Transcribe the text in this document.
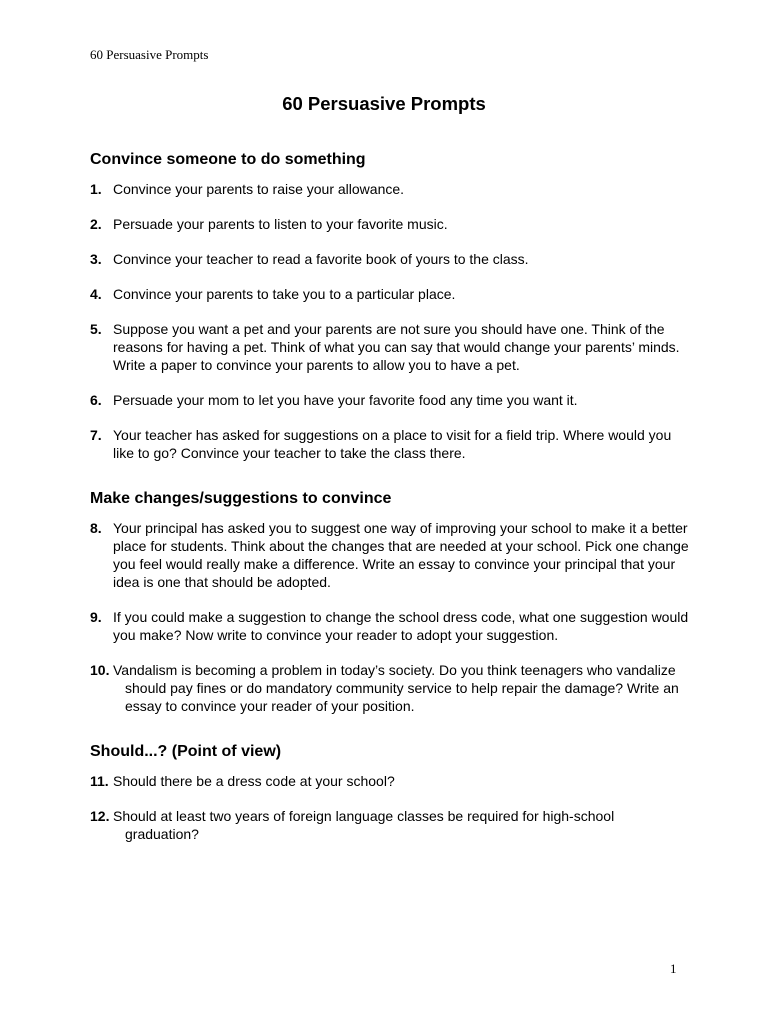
60 Persuasive Prompts
60 Persuasive Prompts
Convince someone to do something
1. Convince your parents to raise your allowance.
2. Persuade your parents to listen to your favorite music.
3. Convince your teacher to read a favorite book of yours to the class.
4. Convince your parents to take you to a particular place.
5. Suppose you want a pet and your parents are not sure you should have one. Think of the reasons for having a pet. Think of what you can say that would change your parents’ minds. Write a paper to convince your parents to allow you to have a pet.
6. Persuade your mom to let you have your favorite food any time you want it.
7. Your teacher has asked for suggestions on a place to visit for a field trip. Where would you like to go? Convince your teacher to take the class there.
Make changes/suggestions to convince
8. Your principal has asked you to suggest one way of improving your school to make it a better place for students. Think about the changes that are needed at your school. Pick one change you feel would really make a difference. Write an essay to convince your principal that your idea is one that should be adopted.
9. If you could make a suggestion to change the school dress code, what one suggestion would you make? Now write to convince your reader to adopt your suggestion.
10. Vandalism is becoming a problem in today’s society. Do you think teenagers who vandalize should pay fines or do mandatory community service to help repair the damage? Write an essay to convince your reader of your position.
Should...? (Point of view)
11. Should there be a dress code at your school?
12. Should at least two years of foreign language classes be required for high-school graduation?
1
